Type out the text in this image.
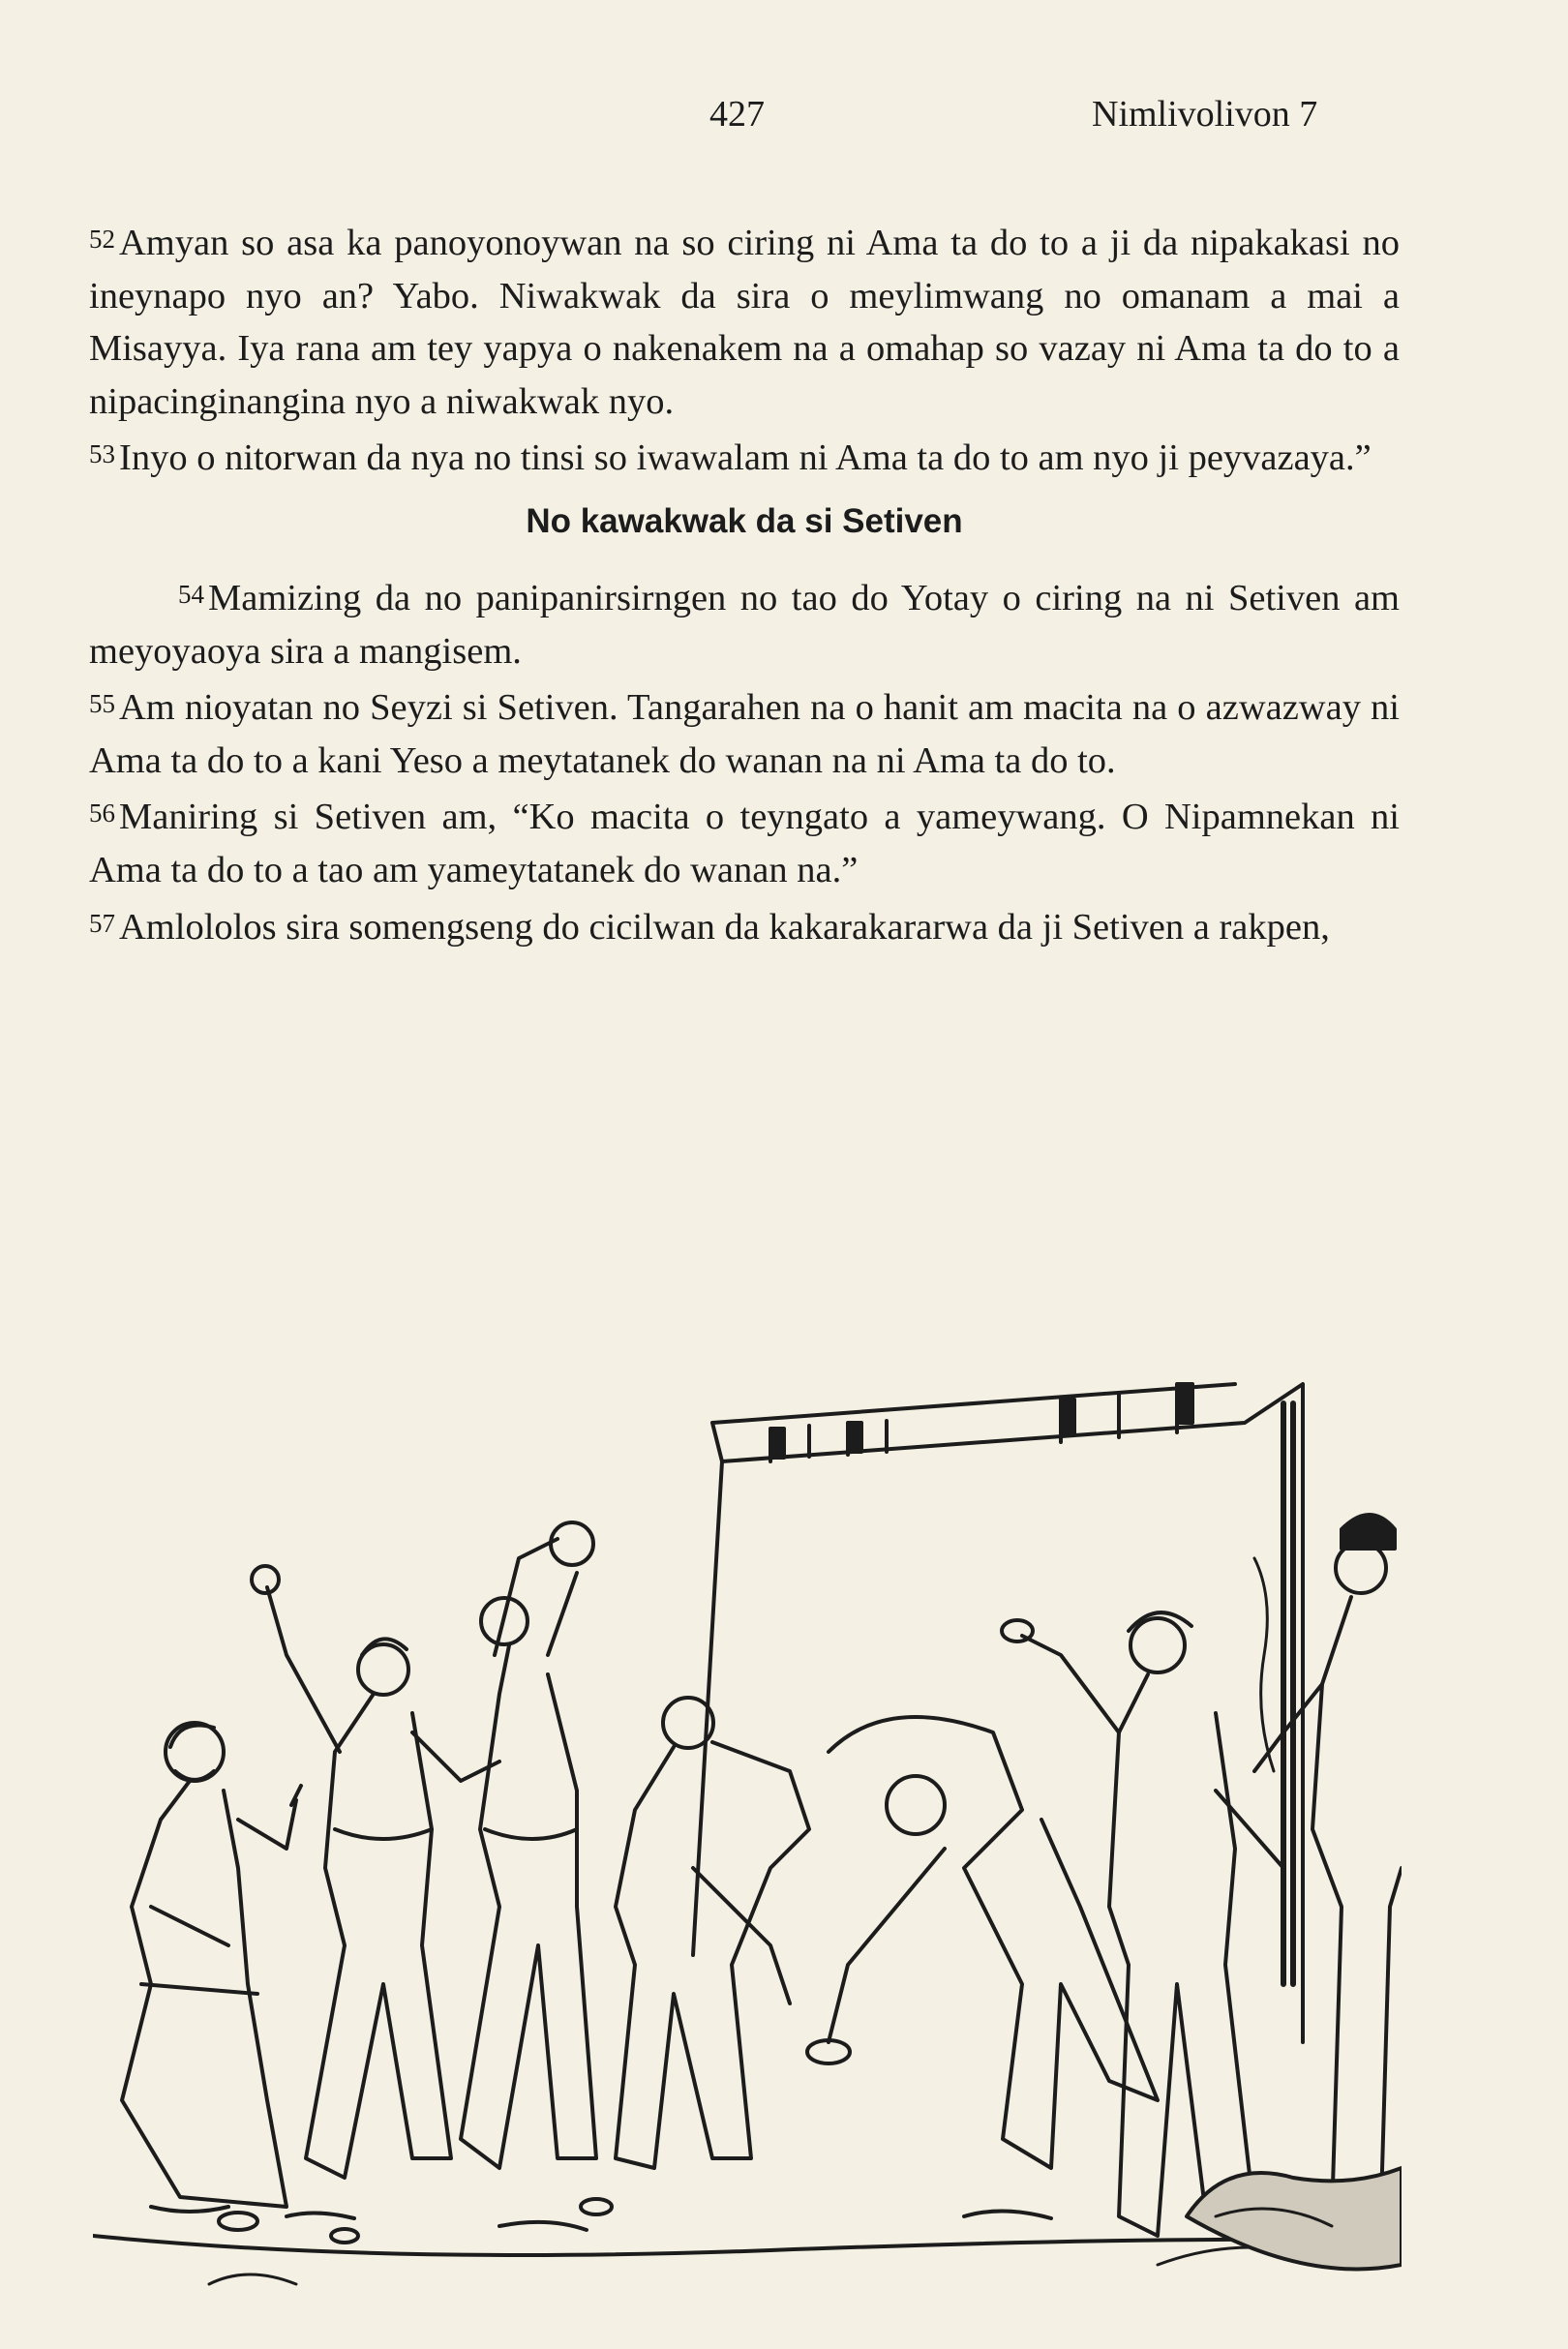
427	Nimlivolivon 7

52 Amyan so asa ka panoyonoywan na so ciring ni Ama ta do to a ji da nipakakasi no ineynapo nyo an? Yabo. Niwakwak da sira o meylimwang no omanam a mai a Misayya. Iya rana am tey yapya o nakenakem na a omahap so vazay ni Ama ta do to a nipacinginangina nyo a niwakwak nyo.

53 Inyo o nitorwan da nya no tinsi so iwawalam ni Ama ta do to am nyo ji peyvazaya.”

No kawakwak da si Setiven

54 Mamizing da no panipanirsirngen no tao do Yotay o ciring na ni Setiven am meyoyaoya sira a mangisem.

55 Am nioyatan no Seyzi si Setiven. Tangarahen na o hanit am macita na o azwazway ni Ama ta do to a kani Yeso a meytatanek do wanan na ni Ama ta do to.

56 Maniring si Setiven am, “Ko macita o teyngato a yameywang. O Nipamnekan ni Ama ta do to a tao am yameytatanek do wanan na.”

57 Amlololos sira somengseng do cicilwan da kakarakararwa da ji Setiven a rakpen,
